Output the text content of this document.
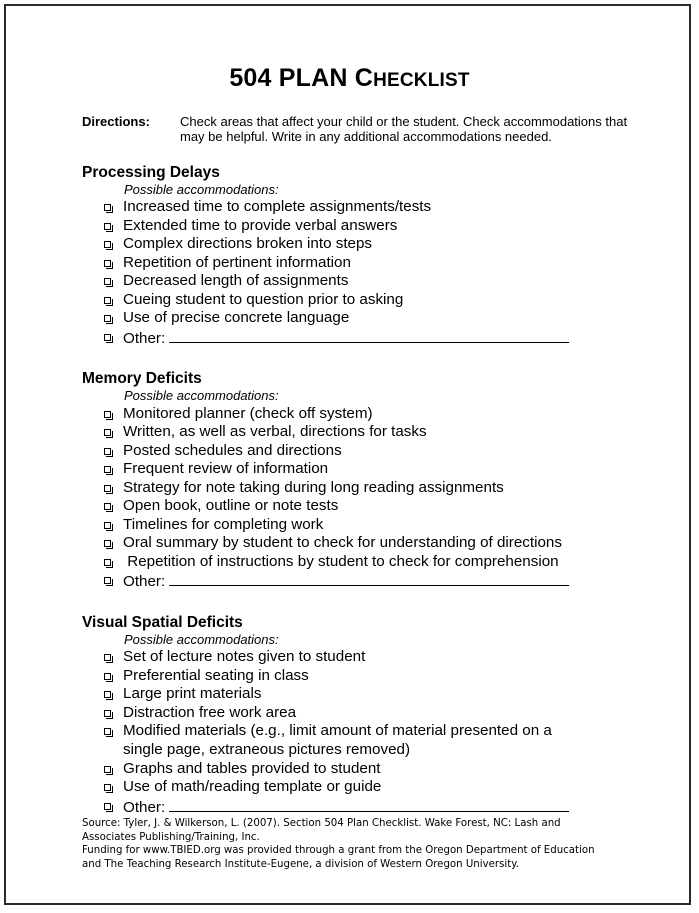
504 PLAN CHECKLIST
Directions: Check areas that affect your child or the student. Check accommodations that may be helpful. Write in any additional accommodations needed.
Processing Delays
Possible accommodations:
Increased time to complete assignments/tests
Extended time to provide verbal answers
Complex directions broken into steps
Repetition of pertinent information
Decreased length of assignments
Cueing student to question prior to asking
Use of precise concrete language
Other:
Memory Deficits
Possible accommodations:
Monitored planner (check off system)
Written, as well as verbal, directions for tasks
Posted schedules and directions
Frequent review of information
Strategy for note taking during long reading assignments
Open book, outline or note tests
Timelines for completing work
Oral summary by student to check for understanding of directions
Repetition of instructions by student to check for comprehension
Other:
Visual Spatial Deficits
Possible accommodations:
Set of lecture notes given to student
Preferential seating in class
Large print materials
Distraction free work area
Modified materials (e.g., limit amount of material presented on a
single page, extraneous pictures removed)
Graphs and tables provided to student
Use of math/reading template or guide
Other:
Source: Tyler, J. & Wilkerson, L. (2007). Section 504 Plan Checklist. Wake Forest, NC: Lash and
Associates Publishing/Training, Inc.
Funding for www.TBIED.org was provided through a grant from the Oregon Department of Education
and The Teaching Research Institute-Eugene, a division of Western Oregon University.
